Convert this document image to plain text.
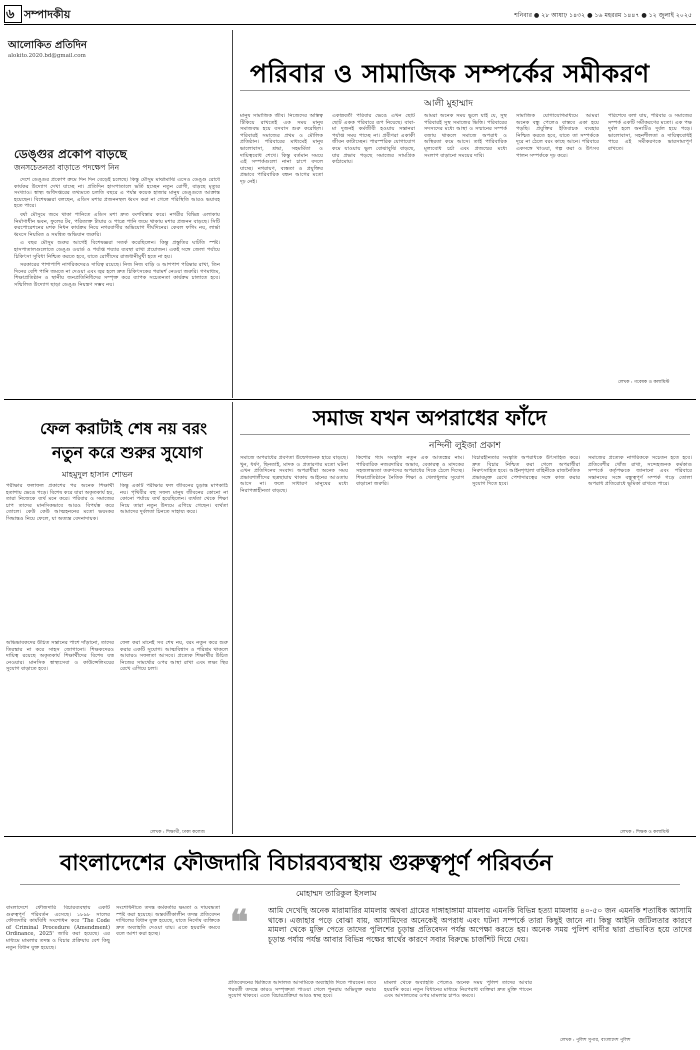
৬ সম্পাদকীয়	শনিবার ● ২৮ আষাঢ় ১৪৩২ ● ১৬ মহররম ১৪৪৭ ● ১২ জুলাই ২০২৫
আলোকিত প্রতিদিন
alokito.2020.bd@gmail.com
ডেঙ্গুর প্রকোপ বাড়ছে
জনসচেতনতা বাড়াতে পদক্ষেপ নিন

দেশে ডেঙ্গুর প্রকোপ ক্রমে দিন দিন বেড়েই চলেছে। কিন্তু মৌসুম মাঝামাঝি এসেও ডেঙ্গু রোধে কার্যকর উদ্যোগ দেখা যাচ্ছে না। প্রতিদিন হাসপাতালে ভর্তি হচ্ছেন নতুন রোগী, বাড়ছে মৃত্যুর সংখ্যাও। স্বাস্থ্য অধিদপ্তরের তথ্যমতে চলতি বছরে এ পর্যন্ত কয়েক হাজার মানুষ ডেঙ্গুতে আক্রান্ত হয়েছেন। বিশেষজ্ঞরা বলছেন, এডিস মশার প্রজননস্থল ধ্বংস করা না গেলে পরিস্থিতি আরও ভয়াবহ হতে পারে।

বর্ষা মৌসুমে জমে থাকা পানিতে এডিস মশা দ্রুত বংশবিস্তার করে। নগরীর বিভিন্ন এলাকায় নির্মাণাধীন ভবন, ফুলের টব, পরিত্যক্ত টায়ার ও পাত্রে পানি জমে থাকায় মশার প্রজনন বাড়ছে। সিটি করপোরেশনের মশক নিধন কার্যক্রম নিয়ে নগরবাসীর অভিযোগ দীর্ঘদিনের। কেবল ফগিং নয়, লার্ভা ধ্বংসে নিয়মিত ও সমন্বিত অভিযান জরুরি।

এ বছর মৌসুম শুরুর আগেই বিশেষজ্ঞরা সতর্ক করেছিলেন। কিন্তু প্রস্তুতির ঘাটতি স্পষ্ট। হাসপাতালগুলোতে ডেঙ্গু ওয়ার্ড ও পর্যাপ্ত শয্যার ব্যবস্থা রাখা প্রয়োজন। একই সঙ্গে জেলা পর্যায়ে চিকিৎসা সুবিধা নিশ্চিত করতে হবে, যাতে রোগীদের রাজধানীমুখী হতে না হয়।

সরকারের পাশাপাশি নাগরিকদেরও দায়িত্ব রয়েছে। নিজ নিজ বাড়ি ও আশপাশ পরিষ্কার রাখা, তিন দিনের বেশি পানি জমতে না দেওয়া এবং জ্বর হলে দ্রুত চিকিৎসকের পরামর্শ নেওয়া জরুরি। গণমাধ্যম, শিক্ষাপ্রতিষ্ঠান ও স্থানীয় জনপ্রতিনিধিদের সম্পৃক্ত করে ব্যাপক সচেতনতা কার্যক্রম চালাতে হবে। সম্মিলিত উদ্যোগ ছাড়া ডেঙ্গু নিয়ন্ত্রণ সম্ভব নয়।

পরিবার ও সামাজিক সম্পর্কের সমীকরণ
আলী মুহাম্মাদ
মানুষ সামাজিক জীব। নিজেদের অস্তিত্ব টিকিয়ে রাখতেই এক সময় মানুষ সমাজবদ্ধ হয়ে বসবাস শুরু করেছিল। পরিবারই সমাজের প্রথম ও মৌলিক প্রতিষ্ঠান। পরিবারের মাধ্যমেই মানুষ ভালোবাসা, শ্রদ্ধা, সহমর্মিতা ও দায়িত্ববোধ শেখে। কিন্তু বর্তমান সময়ে এই সম্পর্কগুলো নানা চাপে বদলে যাচ্ছে। নগরায়ণ, ব্যস্ততা ও প্রযুক্তির প্রভাবে পারিবারিক বন্ধন আগের মতো দৃঢ় নেই।
একান্নবর্তী পরিবার ভেঙে এখন ছোট ছোট একক পরিবারে রূপ নিয়েছে। বাবা-মা দুজনই কর্মজীবী হওয়ায় সন্তানরা পর্যাপ্ত সময় পাচ্ছে না। প্রবীণরা একাকী জীবন কাটাচ্ছেন। পারস্পরিক যোগাযোগ কমে যাওয়ায় ভুল বোঝাবুঝি বাড়ছে, যার প্রভাব পড়ছে সমাজের সামগ্রিক কাঠামোয়।
আমরা অনেক সময় ভুলে যাই যে, সুস্থ পরিবারই সুস্থ সমাজের ভিত্তি। পরিবারের সদস্যদের মধ্যে আস্থা ও সম্মানের সম্পর্ক বজায় থাকলে সমাজে অপরাধ ও অস্থিরতা কমে আসে। তাই পারিবারিক মূল্যবোধ চর্চা এবং প্রজন্মের মধ্যে সংলাপ বাড়ানো সময়ের দাবি।
সামাজিক যোগাযোগমাধ্যমে আমরা অনেক বন্ধু পেলেও বাস্তবে একা হয়ে পড়ছি। প্রযুক্তির ইতিবাচক ব্যবহার নিশ্চিত করতে হবে, যাতে তা সম্পর্ককে দূরে না ঠেলে বরং কাছে আনে। পরিবারে একসঙ্গে খাওয়া, গল্প করা ও উৎসব পালন সম্পর্ককে দৃঢ় করে।
পরিশেষে বলা যায়, পরিবার ও সমাজের সম্পর্ক একটি সমীকরণের মতো। এক পক্ষ দুর্বল হলে অন্যটিও দুর্বল হয়ে পড়ে। ভালোবাসা, সহনশীলতা ও দায়িত্ববোধই পারে এই সমীকরণকে ভারসাম্যপূর্ণ রাখতে।
লেখক : গবেষক ও কলামিস্ট
সমাজ যখন অপরাধের ফাঁদে
নন্দিনী লুইজা প্রকাশ
সমাজে অপরাধের প্রবণতা উদ্বেগজনক হারে বাড়ছে। খুন, ধর্ষণ, ছিনতাই, মাদক ও প্রতারণার মতো ঘটনা এখন প্রতিদিনের সংবাদ। অপরাধীরা অনেক সময় প্রভাবশালীদের ছত্রছায়ায় থাকায় আইনের আওতায় আসে না। ফলে সাধারণ মানুষের মধ্যে নিরাপত্তাহীনতা বাড়ছে।
কিশোর গ্যাং সংস্কৃতি নতুন এক আতঙ্কের নাম। পারিবারিক নজরদারির অভাব, বেকারত্ব ও মাদকের সহজলভ্যতা তরুণদের অপরাধের দিকে ঠেলে দিচ্ছে। শিক্ষাপ্রতিষ্ঠানে নৈতিক শিক্ষা ও খেলাধুলার সুযোগ বাড়ানো জরুরি।
বিচারহীনতার সংস্কৃতি অপরাধকে উৎসাহিত করে। দ্রুত বিচার নিশ্চিত করা গেলে অপরাধীরা নিরুৎসাহিত হবে। আইনশৃঙ্খলা বাহিনীকে রাজনৈতিক প্রভাবমুক্ত রেখে পেশাদারত্বের সঙ্গে কাজ করার সুযোগ দিতে হবে।
সমাজের প্রত্যেক নাগরিককে সচেতন হতে হবে। প্রতিবেশীর খোঁজ রাখা, সন্দেহজনক কর্মকাণ্ড সম্পর্কে কর্তৃপক্ষকে জানানো এবং পরিবারে সন্তানদের সঙ্গে বন্ধুত্বপূর্ণ সম্পর্ক গড়ে তোলা অপরাধ প্রতিরোধে ভূমিকা রাখতে পারে।
লেখক : শিক্ষক ও কলামিস্ট
ফেল করাটাই শেষ নয় বরং
নতুন করে শুরুর সুযোগ
মাহমুদুল হাসান শোভন
পরীক্ষার ফলাফল প্রকাশের পর অনেক শিক্ষার্থী হতাশায় ভেঙে পড়ে। বিশেষ করে যারা অকৃতকার্য হয়, তারা নিজেকে ব্যর্থ মনে করে। পরিবার ও সমাজের চাপ তাদের মানসিকভাবে আরও বিপর্যস্ত করে তোলে। কেউ কেউ আত্মহননের মতো ভয়ংকর সিদ্ধান্তও নিয়ে ফেলে, যা অত্যন্ত বেদনাদায়ক।
কিন্তু একটি পরীক্ষার ফল জীবনের চূড়ান্ত মাপকাঠি নয়। পৃথিবীর বহু সফল মানুষ জীবনের কোনো না কোনো পর্যায়ে ব্যর্থ হয়েছিলেন। ব্যর্থতা থেকে শিক্ষা নিয়ে তারা নতুন উদ্যমে এগিয়ে গেছেন। ব্যর্থতা আমাদের দুর্বলতা চিনতে সাহায্য করে।
অভিভাবকদের উচিত সন্তানের পাশে দাঁড়ানো, তাদের তিরস্কার না করে সাহস জোগানো। শিক্ষকদেরও দায়িত্ব রয়েছে অকৃতকার্য শিক্ষার্থীদের বিশেষ যত্ন নেওয়ার। মানসিক স্বাস্থ্যসেবা ও কাউন্সেলিংয়ের সুযোগ বাড়াতে হবে।
ফেল করা মানেই সব শেষ নয়, বরং নতুন করে শুরু করার একটি সুযোগ। আত্মবিশ্বাস ও পরিশ্রম থাকলে আবারও সফলতা আসবে। প্রত্যেক শিক্ষার্থীর উচিত নিজের সামর্থ্যের ওপর আস্থা রাখা এবং লক্ষ্য স্থির রেখে এগিয়ে চলা।
লেখক : শিক্ষার্থী, ঢাকা কলেজ
বাংলাদেশের ফৌজদারি বিচারব্যবস্থায় গুরুত্বপূর্ণ পরিবর্তন
মোহাম্মদ তারিকুল ইসলাম
বাংলাদেশে ফৌজদারি বিচারব্যবস্থায় একটি গুরুত্বপূর্ণ পরিবর্তন এসেছে। ১৮৯৮ সালের ফৌজদারি কার্যবিধি সংশোধন করে 'The Code of Criminal Procedure (Amendment) Ordinance, 2025' জারি করা হয়েছে। এর মাধ্যমে মামলার তদন্ত ও বিচার প্রক্রিয়ায় বেশ কিছু নতুন বিধান যুক্ত হয়েছে।
সংশোধনীতে তদন্ত কর্মকর্তার ক্ষমতা ও দায়বদ্ধতা স্পষ্ট করা হয়েছে। অন্তর্বর্তীকালীন তদন্ত প্রতিবেদন দাখিলের বিধান যুক্ত হয়েছে, যাতে নির্দোষ ব্যক্তিকে দ্রুত অব্যাহতি দেওয়া যায়। এতে হয়রানি কমবে বলে আশা করা হচ্ছে।	❝	আমি দেখেছি অনেক মারামারির মামলায় অথবা গ্রামের দাঙ্গাহাঙ্গামা মামলায় এমনকি বিভিন্ন হত্যা মামলায় ৪০-৫০ জন এমনকি শতাধিক আসামি থাকে। এজাহার পড়ে বোঝা যায়, আসামিদের অনেকেই অপরাধ এবং ঘটনা সম্পর্কে তারা কিছুই জানে না। কিন্তু আইনি জটিলতার কারণে মামলা থেকে মুক্তি পেতে তাদের পুলিশের চূড়ান্ত প্রতিবেদন পর্যন্ত অপেক্ষা করতে হয়। অনেক সময় পুলিশ বাদীর দ্বারা প্রভাবিত হয়ে তাদের চূড়ান্ত পর্যায় পর্যন্ত আবার বিভিন্ন পক্ষের স্বার্থের কারণে সবার বিরুদ্ধে চার্জশিট দিয়ে দেয়।
প্রতিবেদনের ভিত্তিতে আদালত আসামিকে অব্যাহতি দিতে পারবেন। তবে পরবর্তী তদন্তে কারও সম্পৃক্ততা পাওয়া গেলে পুনরায় অভিযুক্ত করার সুযোগ থাকবে। এতে বিচারপ্রক্রিয়া আরও স্বচ্ছ হবে।
মামলা থেকে অব্যাহতি পেলেও অনেক সময় পুলিশ তাদের আবার হয়রানি করে। নতুন বিধানের মাধ্যমে নিরপরাধ ব্যক্তিরা দ্রুত মুক্তি পাবেন এবং আদালতের ওপর মামলার চাপও কমবে।
লেখক : পুলিশ সুপার, বাংলাদেশ পুলিশ
